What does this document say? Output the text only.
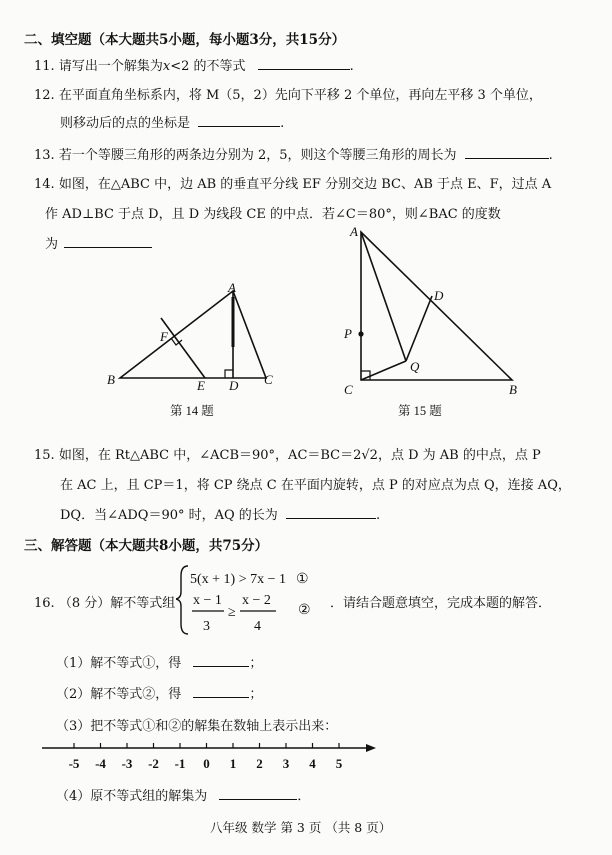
二、填空题（本大题共5小题，每小题3分，共15分）
11. 请写出一个解集为x<2 的不等式	.
12. 在平面直角坐标系内，将 M（5，2）先向下平移 2 个单位，再向左平移 3 个单位，
则移动后的点的坐标是	.
13. 若一个等腰三角形的两条边分别为 2，5，则这个等腰三角形的周长为	.
14. 如图，在△ABC 中，边 AB 的垂直平分线 EF 分别交边 BC、AB 于点 E、F，过点 A
作 AD⊥BC 于点 D，且 D 为线段 CE 的中点．若∠C＝80°，则∠BAC 的度数
为
A
B	C
D
E
F
第 14 题
A
B
C
D
P
Q
第 15 题
15. 如图，在 Rt△ABC 中，∠ACB＝90°，AC＝BC＝2√2，点 D 为 AB 的中点，点 P
在 AC 上，且 CP＝1，将 CP 绕点 C 在平面内旋转，点 P 的对应点为点 Q，连接 AQ，
DQ．当∠ADQ＝90° 时，AQ 的长为	.
三、解答题（本大题共8小题，共75分）
16. （8 分）解不等式组
5(x + 1) > 7x − 1 ①
x − 1
3
≥
x − 2
4
② ．请结合题意填空，完成本题的解答．
（1）解不等式①，得	；
（2）解不等式②，得	；
（3）把不等式①和②的解集在数轴上表示出来：
-5 -4 -3 -2 -1 0 1 2 3 4 5
（4）原不等式组的解集为	．
八年级 数学 第 3 页 （共 8 页）
